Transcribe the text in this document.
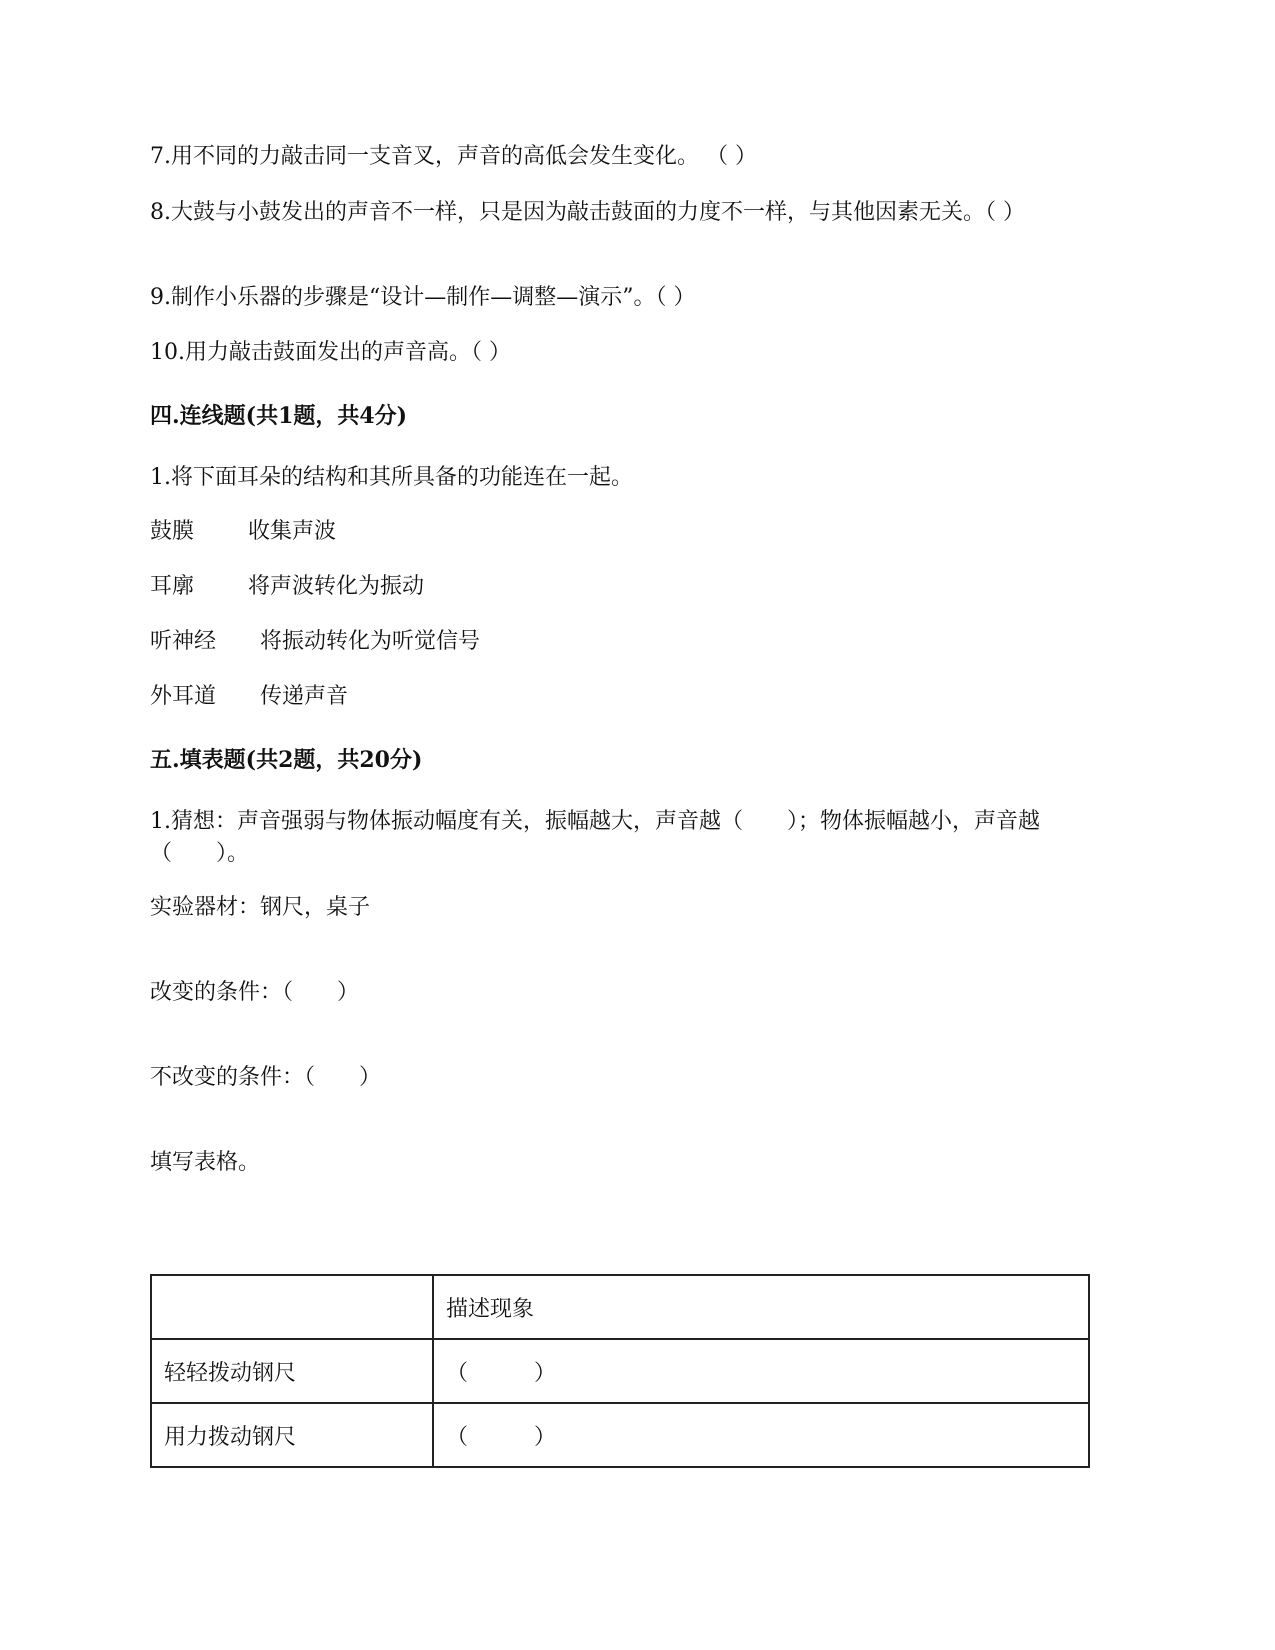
7.用不同的力敲击同一支音叉，声音的高低会发生变化。 （ ）
8.大鼓与小鼓发出的声音不一样，只是因为敲击鼓面的力度不一样，与其他因素无关。（ ）
9.制作小乐器的步骤是“设计—制作—调整—演示”。（ ）
10.用力敲击鼓面发出的声音高。（ ）
四.连线题(共1题，共4分)
1.将下面耳朵的结构和其所具备的功能连在一起。
鼓膜 收集声波
耳廓 将声波转化为振动
听神经 将振动转化为听觉信号
外耳道 传递声音
五.填表题(共2题，共20分)
1.猜想：声音强弱与物体振动幅度有关，振幅越大，声音越（　　）；物体振幅越小，声音越（　　）。
实验器材：钢尺，桌子
改变的条件：（　　）
不改变的条件：（　　）
填写表格。
	描述现象
轻轻拨动钢尺	（　　　）
用力拨动钢尺	（　　　）
